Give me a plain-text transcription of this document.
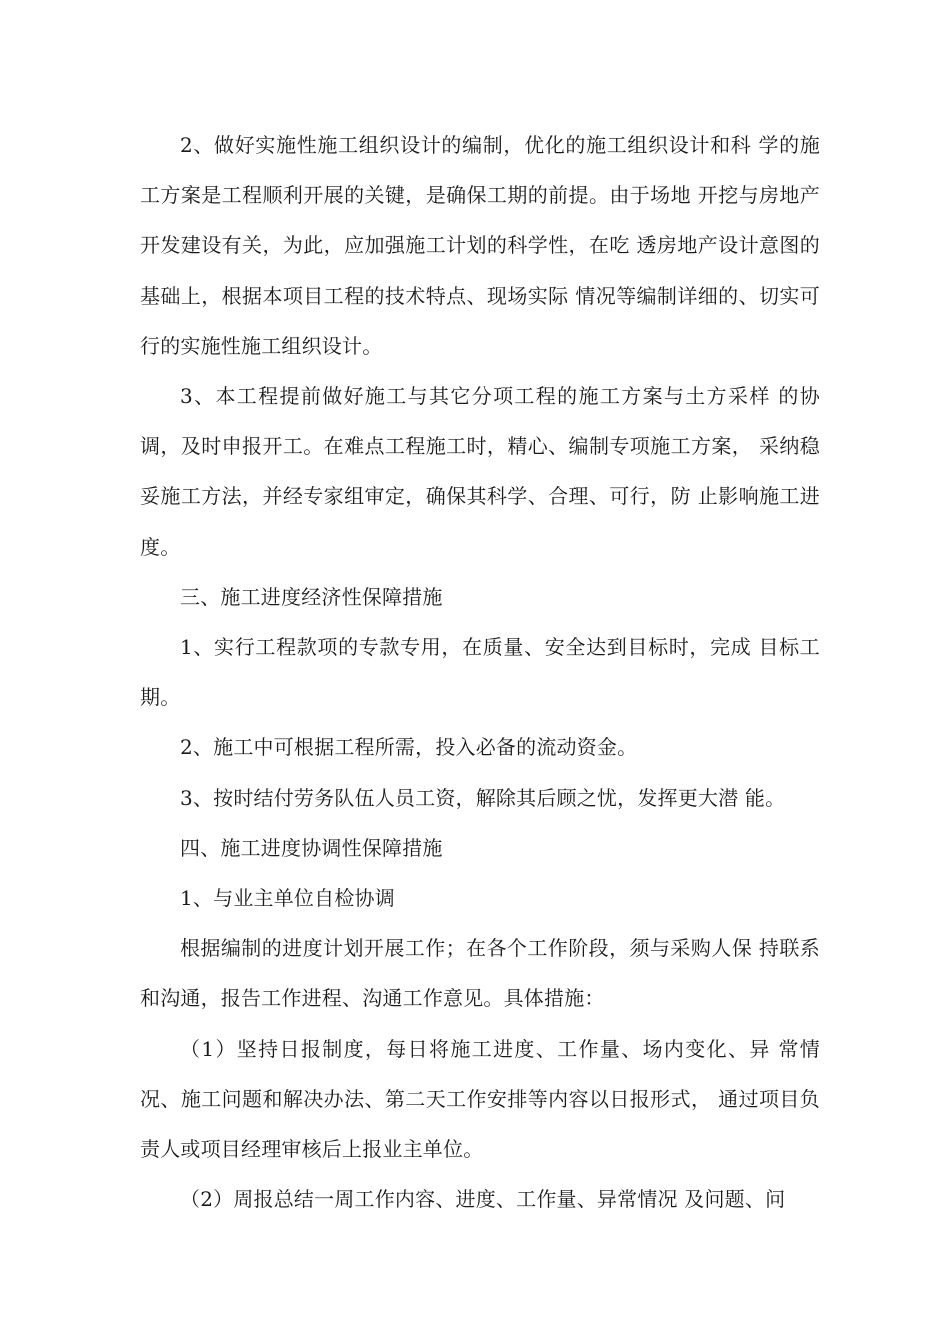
2、做好实施性施工组织设计的编制，优化的施工组织设计和科 学的施工方案是工程顺利开展的关键，是确保工期的前提。由于场地 开挖与房地产开发建设有关，为此，应加强施工计划的科学性，在吃 透房地产设计意图的基础上，根据本项目工程的技术特点、现场实际 情况等编制详细的、切实可行的实施性施工组织设计。

3、本工程提前做好施工与其它分项工程的施工方案与土方采样 的协调，及时申报开工。在难点工程施工时，精心、编制专项施工方案， 采纳稳妥施工方法，并经专家组审定，确保其科学、合理、可行，防 止影响施工进度。

三、施工进度经济性保障措施

1、实行工程款项的专款专用，在质量、安全达到目标时，完成 目标工期。

2、施工中可根据工程所需，投入必备的流动资金。

3、按时结付劳务队伍人员工资，解除其后顾之忧，发挥更大潜 能。

四、施工进度协调性保障措施

1、与业主单位自检协调

根据编制的进度计划开展工作；在各个工作阶段，须与采购人保 持联系和沟通，报告工作进程、沟通工作意见。具体措施：

（1）坚持日报制度，每日将施工进度、工作量、场内变化、异 常情况、施工问题和解决办法、第二天工作安排等内容以日报形式， 通过项目负责人或项目经理审核后上报业主单位。

（2）周报总结一周工作内容、进度、工作量、异常情况 及问题、问
